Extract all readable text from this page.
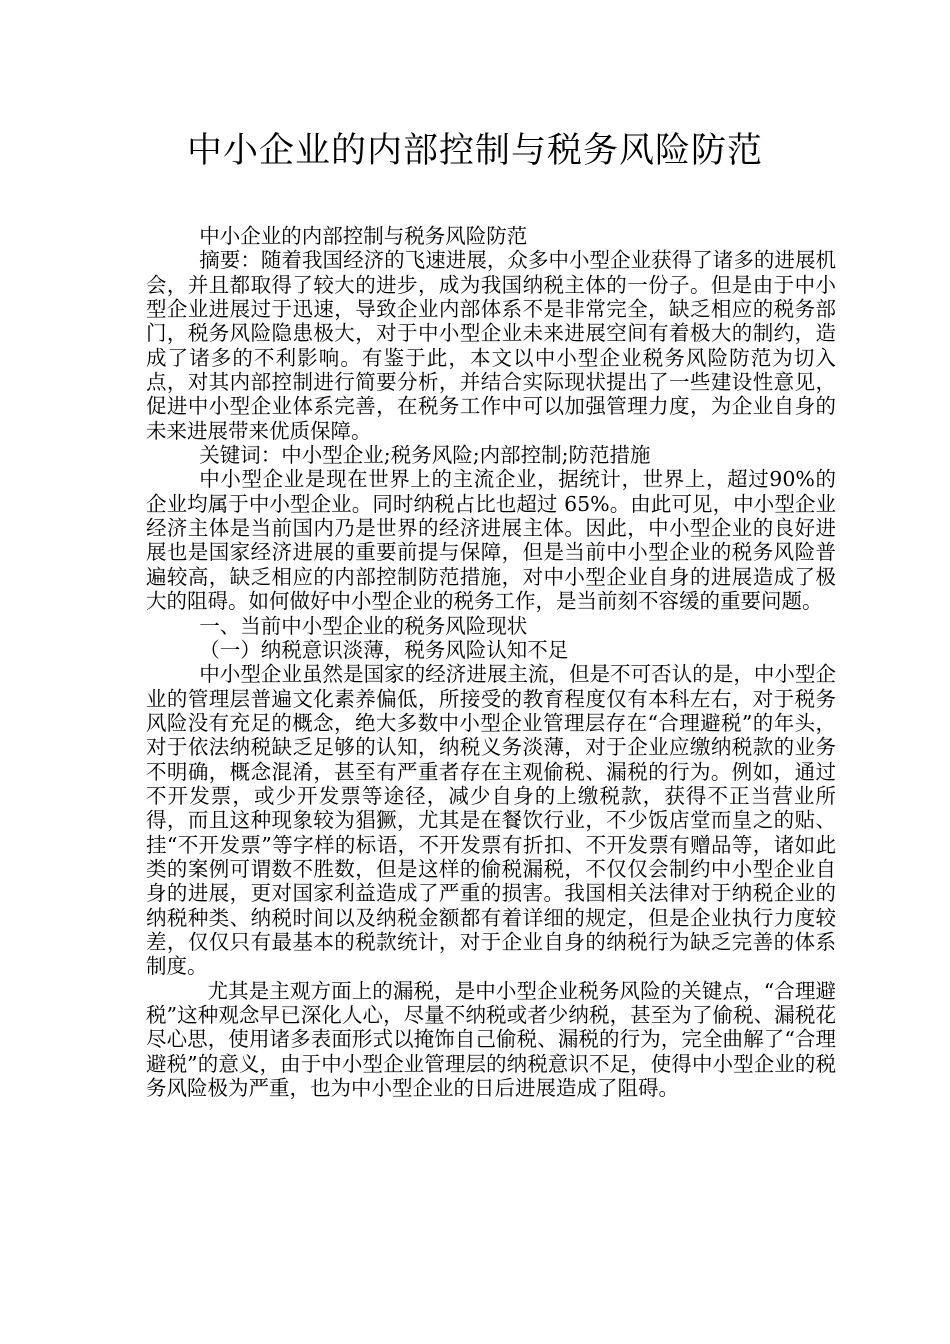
中小企业的内部控制与税务风险防范

中小企业的内部控制与税务风险防范

摘要：随着我国经济的飞速进展，众多中小型企业获得了诸多的进展机会，并且都取得了较大的进步，成为我国纳税主体的一份子。但是由于中小型企业进展过于迅速，导致企业内部体系不是非常完全，缺乏相应的税务部门，税务风险隐患极大，对于中小型企业未来进展空间有着极大的制约，造成了诸多的不利影响。有鉴于此，本文以中小型企业税务风险防范为切入点，对其内部控制进行简要分析，并结合实际现状提出了一些建设性意见，促进中小型企业体系完善，在税务工作中可以加强管理力度，为企业自身的未来进展带来优质保障。

关键词：中小型企业;税务风险;内部控制;防范措施

中小型企业是现在世界上的主流企业，据统计，世界上，超过90%的企业均属于中小型企业。同时纳税占比也超过 65%。由此可见，中小型企业经济主体是当前国内乃是世界的经济进展主体。因此，中小型企业的良好进展也是国家经济进展的重要前提与保障，但是当前中小型企业的税务风险普遍较高，缺乏相应的内部控制防范措施，对中小型企业自身的进展造成了极大的阻碍。如何做好中小型企业的税务工作，是当前刻不容缓的重要问题。

一、当前中小型企业的税务风险现状

（一）纳税意识淡薄，税务风险认知不足

中小型企业虽然是国家的经济进展主流，但是不可否认的是，中小型企业的管理层普遍文化素养偏低，所接受的教育程度仅有本科左右，对于税务风险没有充足的概念，绝大多数中小型企业管理层存在“合理避税”的年头，对于依法纳税缺乏足够的认知，纳税义务淡薄，对于企业应缴纳税款的业务不明确，概念混淆，甚至有严重者存在主观偷税、漏税的行为。例如，通过不开发票，或少开发票等途径，减少自身的上缴税款，获得不正当营业所得，而且这种现象较为猖獗，尤其是在餐饮行业，不少饭店堂而皇之的贴、挂“不开发票”等字样的标语，不开发票有折扣、不开发票有赠品等，诸如此类的案例可谓数不胜数，但是这样的偷税漏税，不仅仅会制约中小型企业自身的进展，更对国家利益造成了严重的损害。我国相关法律对于纳税企业的纳税种类、纳税时间以及纳税金额都有着详细的规定，但是企业执行力度较差，仅仅只有最基本的税款统计，对于企业自身的纳税行为缺乏完善的体系制度。

尤其是主观方面上的漏税，是中小型企业税务风险的关键点，“合理避税”这种观念早已深化人心，尽量不纳税或者少纳税，甚至为了偷税、漏税花尽心思，使用诸多表面形式以掩饰自己偷税、漏税的行为，完全曲解了“合理避税”的意义，由于中小型企业管理层的纳税意识不足，使得中小型企业的税务风险极为严重，也为中小型企业的日后进展造成了阻碍。
